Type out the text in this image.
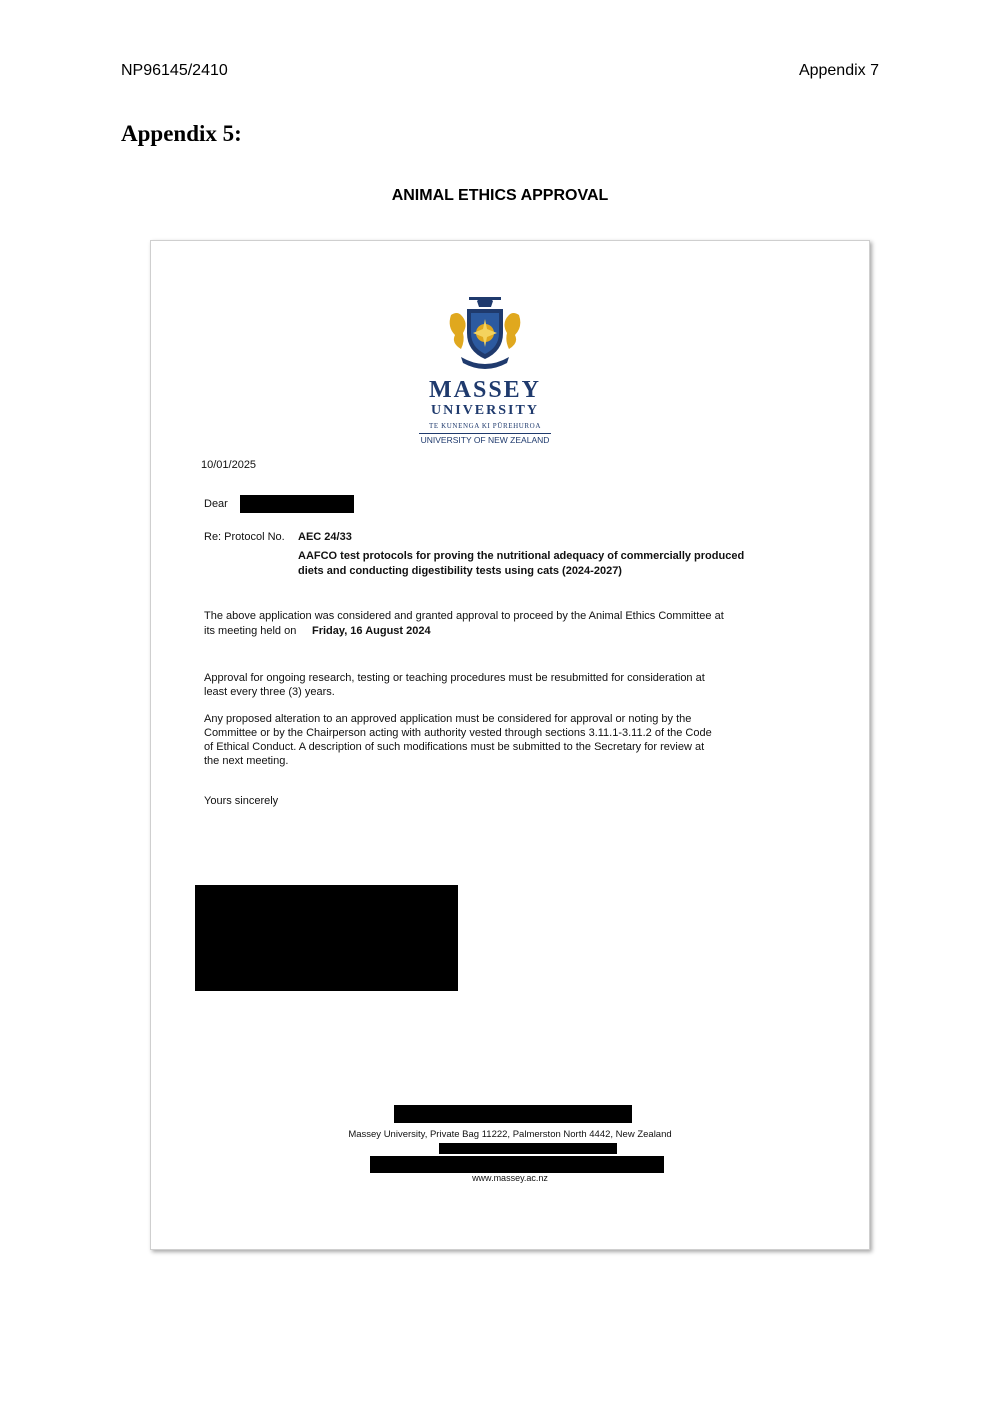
NP96145/2410	Appendix 7
Appendix 5:
ANIMAL ETHICS APPROVAL
MASSEY
UNIVERSITY
TE KUNENGA KI PŪREHUROA
UNIVERSITY OF NEW ZEALAND
10/01/2025
Dear
Re: Protocol No. AEC 24/33
AAFCO test protocols for proving the nutritional adequacy of commercially produced
diets and conducting digestibility tests using cats (2024-2027)
The above application was considered and granted approval to proceed by the Animal Ethics Committee at
its meeting held on Friday, 16 August 2024
Approval for ongoing research, testing or teaching procedures must be resubmitted for consideration at
least every three (3) years.
Any proposed alteration to an approved application must be considered for approval or noting by the
Committee or by the Chairperson acting with authority vested through sections 3.11.1-3.11.2 of the Code
of Ethical Conduct. A description of such modifications must be submitted to the Secretary for review at
the next meeting.
Yours sincerely
Massey University, Private Bag 11222, Palmerston North 4442, New Zealand
www.massey.ac.nz
